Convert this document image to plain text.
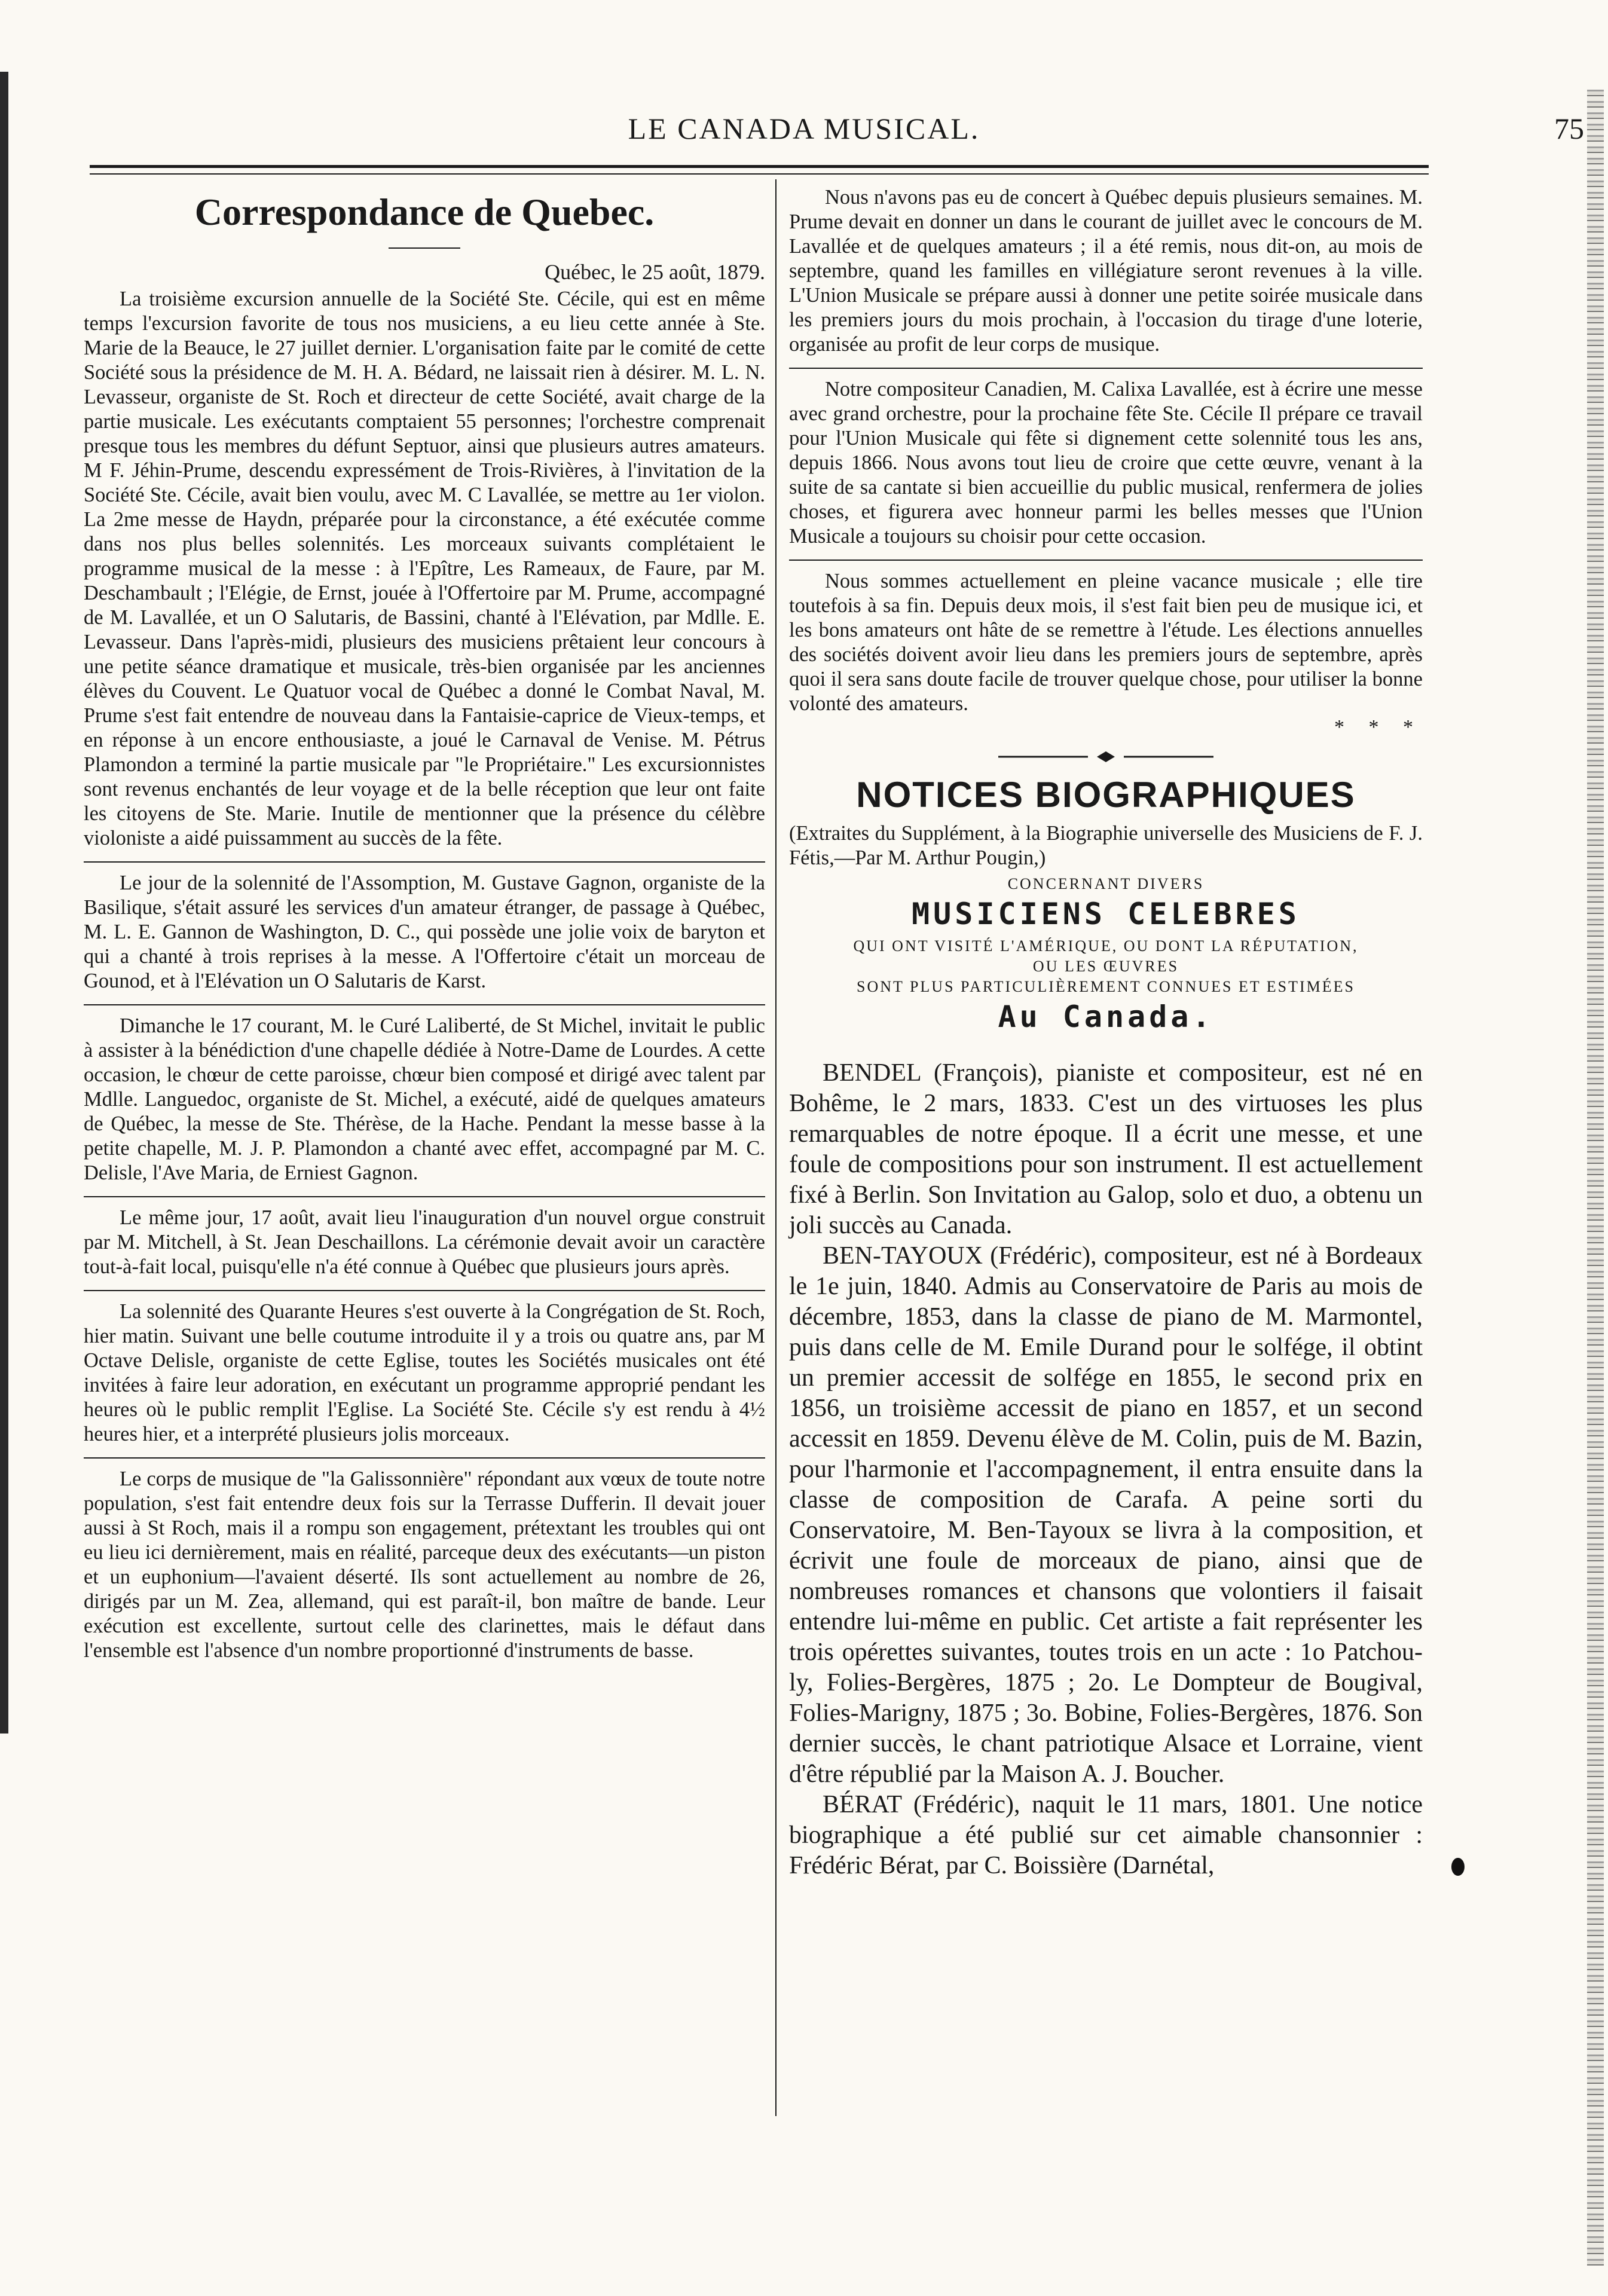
LE CANADA MUSICAL.	75
Correspondance de Quebec.
Québec, le 25 août, 1879.

La troisième excursion annuelle de la Société Ste. Cécile, qui est en même temps l'excursion favorite de tous nos musiciens, a eu lieu cette année à Ste. Marie de la Beauce, le 27 juillet dernier. L'organisation faite par le comité de cette Société sous la présidence de M. H. A. Bédard, ne laissait rien à désirer. M. L. N. Levasseur, organiste de St. Roch et directeur de cette Société, avait charge de la partie musicale. Les exécutants comptaient 55 personnes; l'orchestre comprenait presque tous les membres du défunt Septuor, ainsi que plusieurs autres amateurs. M F. Jéhin-Prume, descendu expressément de Trois-Rivières, à l'invitation de la Société Ste. Cécile, avait bien voulu, avec M. C Lavallée, se mettre au 1er violon. La 2me messe de Haydn, préparée pour la circonstance, a été exécutée comme dans nos plus belles solennités. Les morceaux suivants complétaient le programme musical de la messe : à l'Epître, Les Rameaux, de Faure, par M. Deschambault ; l'Elégie, de Ernst, jouée à l'Offertoire par M. Prume, accompagné de M. Lavallée, et un O Salutaris, de Bassini, chanté à l'Elévation, par Mdlle. E. Levasseur. Dans l'après-midi, plusieurs des musiciens prêtaient leur concours à une petite séance dramatique et musicale, très-bien organisée par les anciennes élèves du Couvent. Le Quatuor vocal de Québec a donné le Combat Naval, M. Prume s'est fait entendre de nouveau dans la Fantaisie-caprice de Vieux-temps, et en réponse à un encore enthousiaste, a joué le Carnaval de Venise. M. Pétrus Plamondon a terminé la partie musicale par "le Propriétaire." Les excursionnistes sont revenus enchantés de leur voyage et de la belle réception que leur ont faite les citoyens de Ste. Marie. Inutile de mentionner que la présence du célèbre violoniste a aidé puissamment au succès de la fête.

Le jour de la solennité de l'Assomption, M. Gustave Gagnon, organiste de la Basilique, s'était assuré les services d'un amateur étranger, de passage à Québec, M. L. E. Gannon de Washington, D. C., qui possède une jolie voix de baryton et qui a chanté à trois reprises à la messe. A l'Offertoire c'était un morceau de Gounod, et à l'Elévation un O Salutaris de Karst.

Dimanche le 17 courant, M. le Curé Laliberté, de St Michel, invitait le public à assister à la bénédiction d'une chapelle dédiée à Notre-Dame de Lourdes. A cette occasion, le chœur de cette paroisse, chœur bien composé et dirigé avec talent par Mdlle. Languedoc, organiste de St. Michel, a exécuté, aidé de quelques amateurs de Québec, la messe de Ste. Thérèse, de la Hache. Pendant la messe basse à la petite chapelle, M. J. P. Plamondon a chanté avec effet, accompagné par M. C. Delisle, l'Ave Maria, de Erniest Gagnon.

Le même jour, 17 août, avait lieu l'inauguration d'un nouvel orgue construit par M. Mitchell, à St. Jean Deschaillons. La cérémonie devait avoir un caractère tout-à-fait local, puisqu'elle n'a été connue à Québec que plusieurs jours après.

La solennité des Quarante Heures s'est ouverte à la Congrégation de St. Roch, hier matin. Suivant une belle coutume introduite il y a trois ou quatre ans, par M Octave Delisle, organiste de cette Eglise, toutes les Sociétés musicales ont été invitées à faire leur adoration, en exécutant un programme approprié pendant les heures où le public remplit l'Eglise. La Société Ste. Cécile s'y est rendu à 4½ heures hier, et a interprété plusieurs jolis morceaux.

Le corps de musique de "la Galissonnière" répondant aux vœux de toute notre population, s'est fait entendre deux fois sur la Terrasse Dufferin. Il devait jouer aussi à St Roch, mais il a rompu son engagement, prétextant les troubles qui ont eu lieu ici dernièrement, mais en réalité, parceque deux des exécutants—un piston et un euphonium—l'avaient déserté. Ils sont actuellement au nombre de 26, dirigés par un M. Zea, allemand, qui est paraît-il, bon maître de bande. Leur exécution est excellente, surtout celle des clarinettes, mais le défaut dans l'ensemble est l'absence d'un nombre proportionné d'instruments de basse.

Nous n'avons pas eu de concert à Québec depuis plusieurs semaines. M. Prume devait en donner un dans le courant de juillet avec le concours de M. Lavallée et de quelques amateurs ; il a été remis, nous dit-on, au mois de septembre, quand les familles en villégiature seront revenues à la ville. L'Union Musicale se prépare aussi à donner une petite soirée musicale dans les premiers jours du mois prochain, à l'occasion du tirage d'une loterie, organisée au profit de leur corps de musique.

Notre compositeur Canadien, M. Calixa Lavallée, est à écrire une messe avec grand orchestre, pour la prochaine fête Ste. Cécile Il prépare ce travail pour l'Union Musicale qui fête si dignement cette solennité tous les ans, depuis 1866. Nous avons tout lieu de croire que cette œuvre, venant à la suite de sa cantate si bien accueillie du public musical, renfermera de jolies choses, et figurera avec honneur parmi les belles messes que l'Union Musicale a toujours su choisir pour cette occasion.

Nous sommes actuellement en pleine vacance musicale ; elle tire toutefois à sa fin. Depuis deux mois, il s'est fait bien peu de musique ici, et les bons amateurs ont hâte de se remettre à l'étude. Les élections annuelles des sociétés doivent avoir lieu dans les premiers jours de septembre, après quoi il sera sans doute facile de trouver quelque chose, pour utiliser la bonne volonté des amateurs.

* * *
NOTICES BIOGRAPHIQUES

(Extraites du Supplément, à la Biographie universelle des Musiciens de F. J. Fétis,—Par M. Arthur Pougin,)

CONCERNANT DIVERS
MUSICIENS CELEBRES
QUI ONT VISITÉ L'AMÉRIQUE, OU DONT LA RÉPUTATION,
OU LES ŒUVRES
SONT PLUS PARTICULIÈREMENT CONNUES ET ESTIMÉES
Au Canada.

BENDEL (François), pianiste et compositeur, est né en Bohême, le 2 mars, 1833. C'est un des virtuoses les plus remarquables de notre époque. Il a écrit une messe, et une foule de compositions pour son instrument. Il est actuellement fixé à Berlin. Son Invitation au Galop, solo et duo, a obtenu un joli succès au Canada.

BEN-TAYOUX (Frédéric), compositeur, est né à Bordeaux le 1e juin, 1840. Admis au Conservatoire de Paris au mois de décembre, 1853, dans la classe de piano de M. Marmontel, puis dans celle de M. Emile Durand pour le solfége, il obtint un premier accessit de solfége en 1855, le second prix en 1856, un troisième accessit de piano en 1857, et un second accessit en 1859. Devenu élève de M. Colin, puis de M. Bazin, pour l'harmonie et l'accompagnement, il entra ensuite dans la classe de composition de Carafa. A peine sorti du Conservatoire, M. Ben-Tayoux se livra à la composition, et écrivit une foule de morceaux de piano, ainsi que de nombreuses romances et chansons que volontiers il faisait entendre lui-même en public. Cet artiste a fait représenter les trois opérettes suivantes, toutes trois en un acte : 1o Patchou-ly, Folies-Bergères, 1875 ; 2o. Le Dompteur de Bougival, Folies-Marigny, 1875 ; 3o. Bobine, Folies-Bergères, 1876. Son dernier succès, le chant patriotique Alsace et Lorraine, vient d'être républié par la Maison A. J. Boucher.

BÉRAT (Frédéric), naquit le 11 mars, 1801. Une notice biographique a été publié sur cet aimable chansonnier : Frédéric Bérat, par C. Boissière (Darnétal,
